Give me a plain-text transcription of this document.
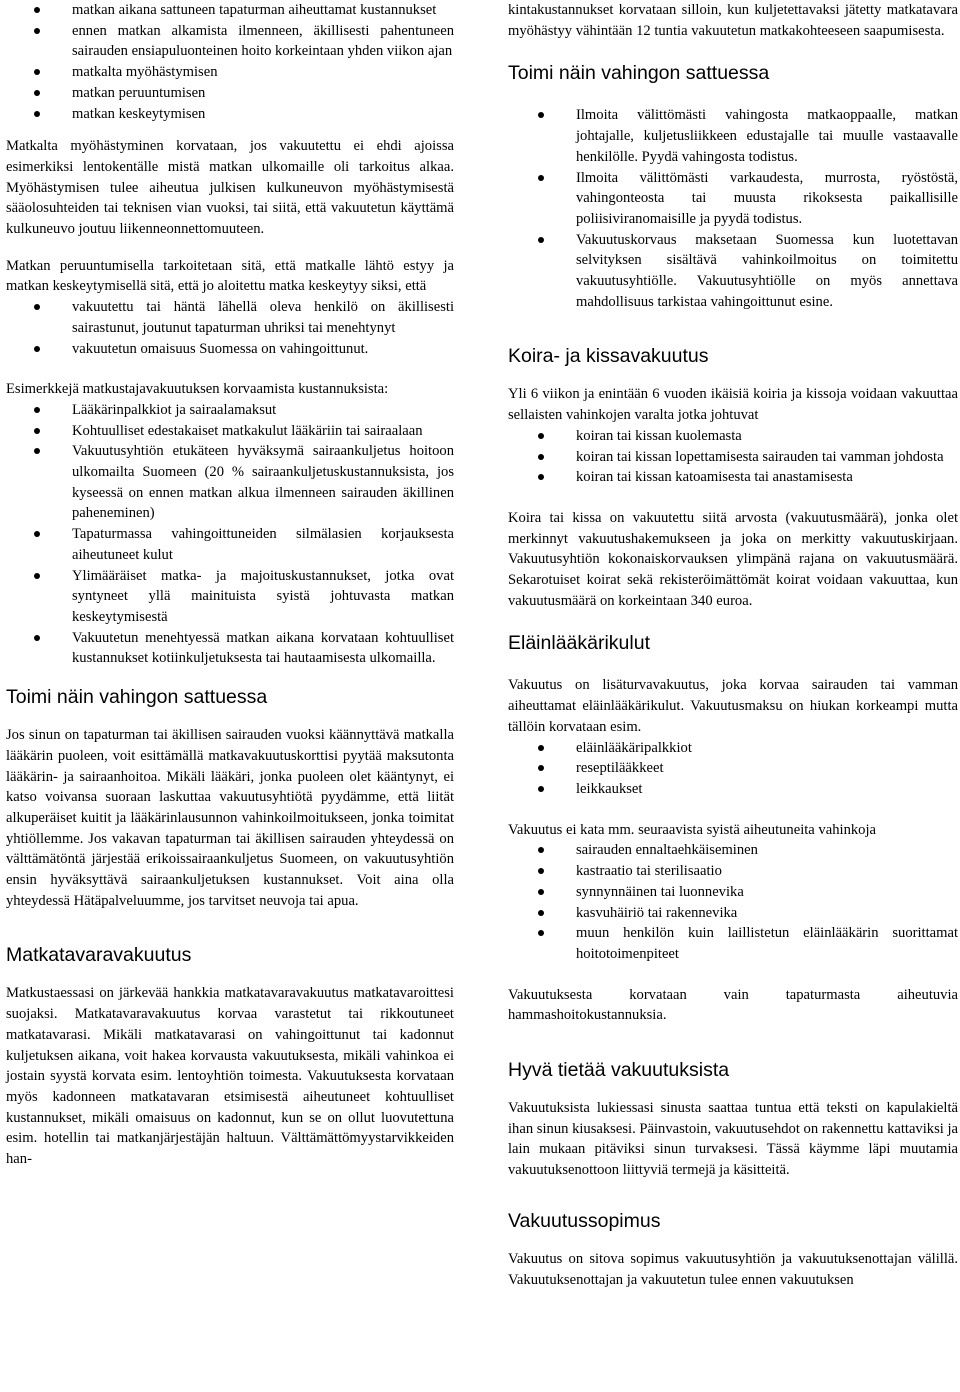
matkan aikana sattuneen tapaturman aiheuttamat kustannukset
ennen matkan alkamista ilmenneen, äkillisesti pahentuneen sairauden ensiapuluonteinen hoito korkeintaan yhden viikon ajan
matkalta myöhästymisen
matkan peruuntumisen
matkan keskeytymisen

Matkalta myöhästyminen korvataan, jos vakuutettu ei ehdi ajoissa esimerkiksi lentokentälle mistä matkan ulkomaille oli tarkoitus alkaa. Myöhästymisen tulee aiheutua julkisen kulkuneuvon myöhästymisestä sääolosuhteiden tai teknisen vian vuoksi, tai siitä, että vakuutetun käyttämä kulkuneuvo joutuu liikenneonnettomuuteen.

Matkan peruuntumisella tarkoitetaan sitä, että matkalle lähtö estyy ja matkan keskeytymisellä sitä, että jo aloitettu matka keskeytyy siksi, että

vakuutettu tai häntä lähellä oleva henkilö on äkillisesti sairastunut, joutunut tapaturman uhriksi tai menehtynyt
vakuutetun omaisuus Suomessa on vahingoittunut.

Esimerkkejä matkustajavakuutuksen korvaamista kustannuksista:

Lääkärinpalkkiot ja sairaalamaksut
Kohtuulliset edestakaiset matkakulut lääkäriin tai sairaalaan
Vakuutusyhtiön etukäteen hyväksymä sairaankuljetus hoitoon ulkomailta Suomeen (20 % sairaankuljetuskustannuksista, jos kyseessä on ennen matkan alkua ilmenneen sairauden äkillinen paheneminen)
Tapaturmassa vahingoittuneiden silmälasien korjauksesta aiheutuneet kulut
Ylimääräiset matka- ja majoituskustannukset, jotka ovat syntyneet yllä mainituista syistä johtuvasta matkan keskeytymisestä
Vakuutetun menehtyessä matkan aikana korvataan kohtuulliset kustannukset kotiinkuljetuksesta tai hautaamisesta ulkomailla.
Toimi näin vahingon sattuessa

Jos sinun on tapaturman tai äkillisen sairauden vuoksi käännyttävä matkalla lääkärin puoleen, voit esittämällä matkavakuutuskorttisi pyytää maksutonta lääkärin- ja sairaanhoitoa. Mikäli lääkäri, jonka puoleen olet kääntynyt, ei katso voivansa suoraan laskuttaa vakuutusyhtiötä pyydämme, että liität alkuperäiset kuitit ja lääkärinlausunnon vahinkoilmoitukseen, jonka toimitat yhtiöllemme. Jos vakavan tapaturman tai äkillisen sairauden yhteydessä on välttämätöntä järjestää erikoissairaankuljetus Suomeen, on vakuutusyhtiön ensin hyväksyttävä sairaankuljetuksen kustannukset. Voit aina olla yhteydessä Hätäpalveluumme, jos tarvitset neuvoja tai apua.

Matkatavaravakuutus

Matkustaessasi on järkevää hankkia matkatavaravakuutus matkatavaroittesi suojaksi. Matkatavaravakuutus korvaa varastetut tai rikkoutuneet matkatavarasi. Mikäli matkatavarasi on vahingoittunut tai kadonnut kuljetuksen aikana, voit hakea korvausta vakuutuksesta, mikäli vahinkoa ei jostain syystä korvata esim. lentoyhtiön toimesta. Vakuutuksesta korvataan myös kadonneen matkatavaran etsimisestä aiheutuneet kohtuulliset kustannukset, mikäli omaisuus on kadonnut, kun se on ollut luovutettuna esim. hotellin tai matkanjärjestäjän haltuun. Välttämättömyystarvikkeiden han-

kintakustannukset korvataan silloin, kun kuljetettavaksi jätetty matkatavara myöhästyy vähintään 12 tuntia vakuutetun matkakohteeseen saapumisesta.

Toimi näin vahingon sattuessa
Ilmoita välittömästi vahingosta matkaoppaalle, matkan johtajalle, kuljetusliikkeen edustajalle tai muulle vastaavalle henkilölle. Pyydä vahingosta todistus.
Ilmoita välittömästi varkaudesta, murrosta, ryöstöstä, vahingonteosta tai muusta rikoksesta paikallisille poliisiviranomaisille ja pyydä todistus.
Vakuutuskorvaus maksetaan Suomessa kun luotettavan selvityksen sisältävä vahinkoilmoitus on toimitettu vakuutusyhtiölle. Vakuutusyhtiölle on myös annettava mahdollisuus tarkistaa vahingoittunut esine.
Koira- ja kissavakuutus

Yli 6 viikon ja enintään 6 vuoden ikäisiä koiria ja kissoja voidaan vakuuttaa sellaisten vahinkojen varalta jotka johtuvat

koiran tai kissan kuolemasta
koiran tai kissan lopettamisesta sairauden tai vamman johdosta
koiran tai kissan katoamisesta tai anastamisesta

Koira tai kissa on vakuutettu siitä arvosta (vakuutusmäärä), jonka olet merkinnyt vakuutushakemukseen ja joka on merkitty vakuutuskirjaan. Vakuutusyhtiön kokonaiskorvauksen ylimpänä rajana on vakuutusmäärä. Sekarotuiset koirat sekä rekisteröimättömät koirat voidaan vakuuttaa, kun vakuutusmäärä on korkeintaan 340 euroa.

Eläinlääkärikulut

Vakuutus on lisäturvavakuutus, joka korvaa sairauden tai vamman aiheuttamat eläinlääkärikulut. Vakuutusmaksu on hiukan korkeampi mutta tällöin korvataan esim.

eläinlääkäripalkkiot
reseptilääkkeet
leikkaukset

Vakuutus ei kata mm. seuraavista syistä aiheutuneita vahinkoja

sairauden ennaltaehkäiseminen
kastraatio tai sterilisaatio
synnynnäinen tai luonnevika
kasvuhäiriö tai rakennevika
muun henkilön kuin laillistetun eläinlääkärin suorittamat hoitotoimenpiteet

Vakuutuksesta korvataan vain tapaturmasta aiheutuvia hammashoitokustannuksia.

Hyvä tietää vakuutuksista

Vakuutuksista lukiessasi sinusta saattaa tuntua että teksti on kapulakieltä ihan sinun kiusaksesi. Päinvastoin, vakuutusehdot on rakennettu kattaviksi ja lain mukaan pitäviksi sinun turvaksesi. Tässä käymme läpi muutamia vakuutuksenottoon liittyviä termejä ja käsitteitä.

Vakuutussopimus

Vakuutus on sitova sopimus vakuutusyhtiön ja vakuutuksenottajan välillä. Vakuutuksenottajan ja vakuutetun tulee ennen vakuutuksen
